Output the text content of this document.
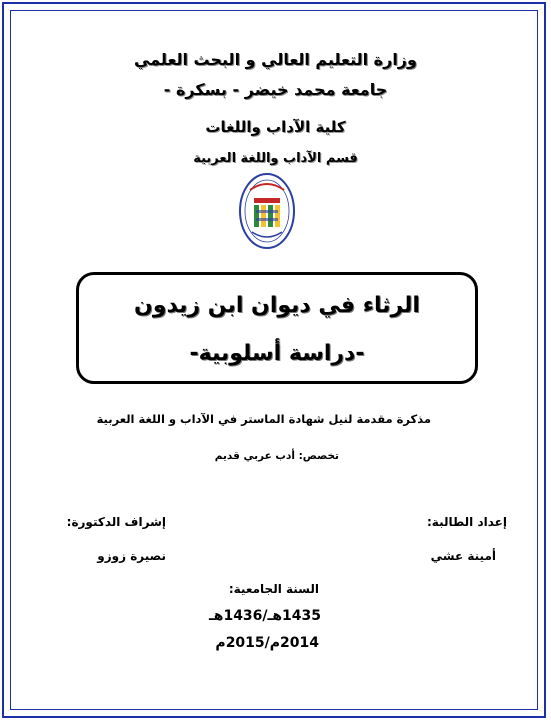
وزارة التعليم العالي و البحث العلمي
جامعة محمد خيضر - بسكرة -
كلية الآداب واللغات
قسم الآداب واللغة العربية
الرثاء في ديوان ابن زيدون
-دراسة أسلوبية-
مذكرة مقدمة لنيل شهادة الماستر في الآداب و اللغة العربية
تخصص: أدب عربي قديم
إعداد الطالبة:
إشراف الدكتورة:
أمينة عشي
نصيرة زوزو
السنة الجامعية:
1435هـ/1436هـ
2014م/2015م
